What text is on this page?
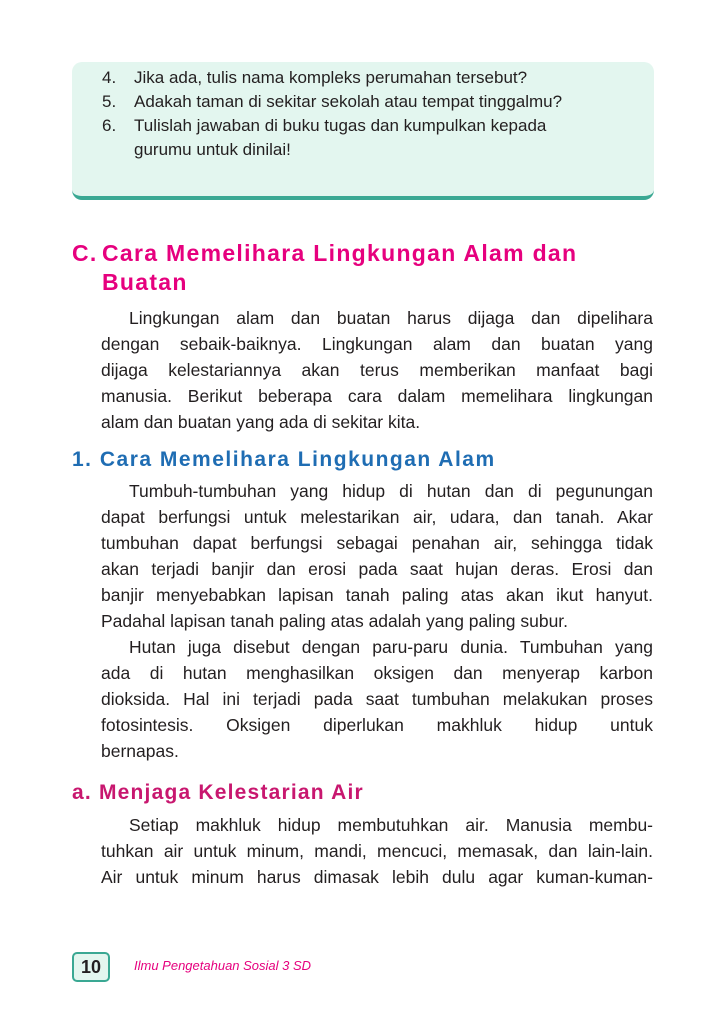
4. Jika ada, tulis nama kompleks perumahan tersebut?
5. Adakah taman di sekitar sekolah atau tempat tinggalmu?
6. Tulislah jawaban di buku tugas dan kumpulkan kepada
gurumu untuk dinilai!
C. Cara Memelihara Lingkungan Alam dan
Buatan

Lingkungan alam dan buatan harus dijaga dan dipelihara
dengan sebaik-baiknya. Lingkungan alam dan buatan yang
dijaga kelestariannya akan terus memberikan manfaat bagi
manusia. Berikut beberapa cara dalam memelihara lingkungan
alam dan buatan yang ada di sekitar kita.

1. Cara Memelihara Lingkungan Alam

Tumbuh-tumbuhan yang hidup di hutan dan di pegunungan
dapat berfungsi untuk melestarikan air, udara, dan tanah. Akar
tumbuhan dapat berfungsi sebagai penahan air, sehingga tidak
akan terjadi banjir dan erosi pada saat hujan deras. Erosi dan
banjir menyebabkan lapisan tanah paling atas akan ikut hanyut.
Padahal lapisan tanah paling atas adalah yang paling subur.

Hutan juga disebut dengan paru-paru dunia. Tumbuhan yang
ada di hutan menghasilkan oksigen dan menyerap karbon
dioksida. Hal ini terjadi pada saat tumbuhan melakukan proses
fotosintesis. Oksigen diperlukan makhluk hidup untuk
bernapas.

a. Menjaga Kelestarian Air

Setiap makhluk hidup membutuhkan air. Manusia membu-
tuhkan air untuk minum, mandi, mencuci, memasak, dan lain-lain.
Air untuk minum harus dimasak lebih dulu agar kuman-kuman-

10	Ilmu Pengetahuan Sosial 3 SD
